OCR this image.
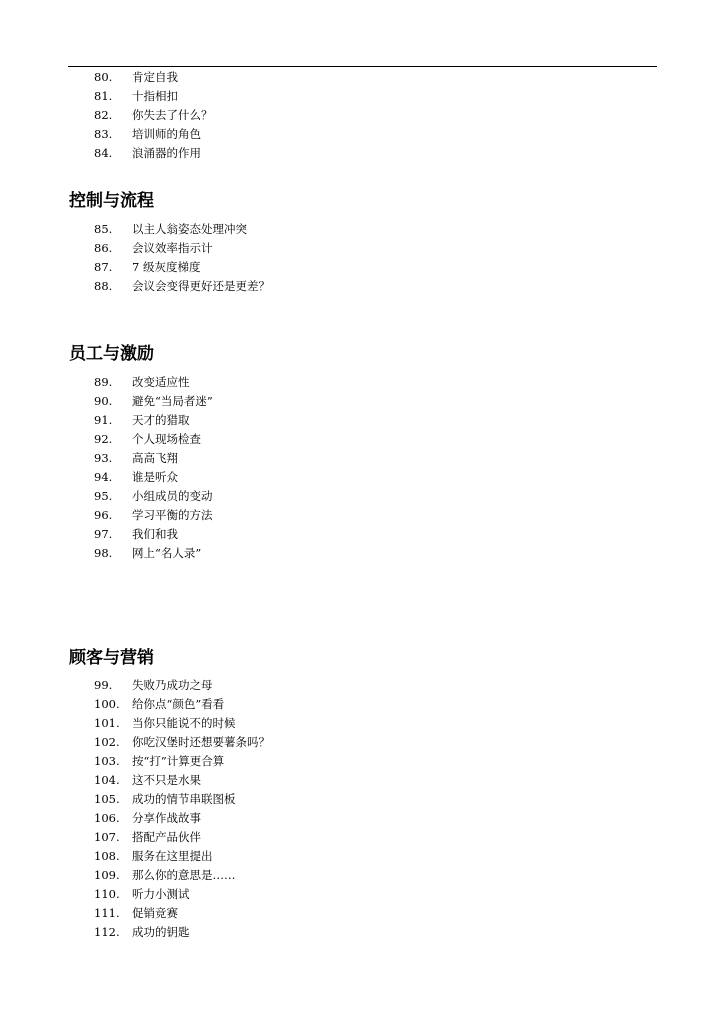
80.	肯定自我
81.	十指相扣
82.	你失去了什么？
83.	培训师的角色
84.	浪涌器的作用
控制与流程
85.	以主人翁姿态处理冲突
86.	会议效率指示计
87.	7 级灰度梯度
88.	会议会变得更好还是更差？
员工与激励
89.	改变适应性
90.	避免“当局者迷”
91.	天才的猎取
92.	个人现场检查
93.	高高飞翔
94.	谁是听众
95.	小组成员的变动
96.	学习平衡的方法
97.	我们和我
98.	网上“名人录”
顾客与营销
99.	失败乃成功之母
100.	给你点“颜色”看看
101.	当你只能说不的时候
102.	你吃汉堡时还想要薯条吗？
103.	按“打”计算更合算
104.	这不只是水果
105.	成功的情节串联图板
106.	分享作战故事
107.	搭配产品伙伴
108.	服务在这里提出
109.	那么你的意思是……
110.	听力小测试
111.	促销竞赛
112.	成功的钥匙
